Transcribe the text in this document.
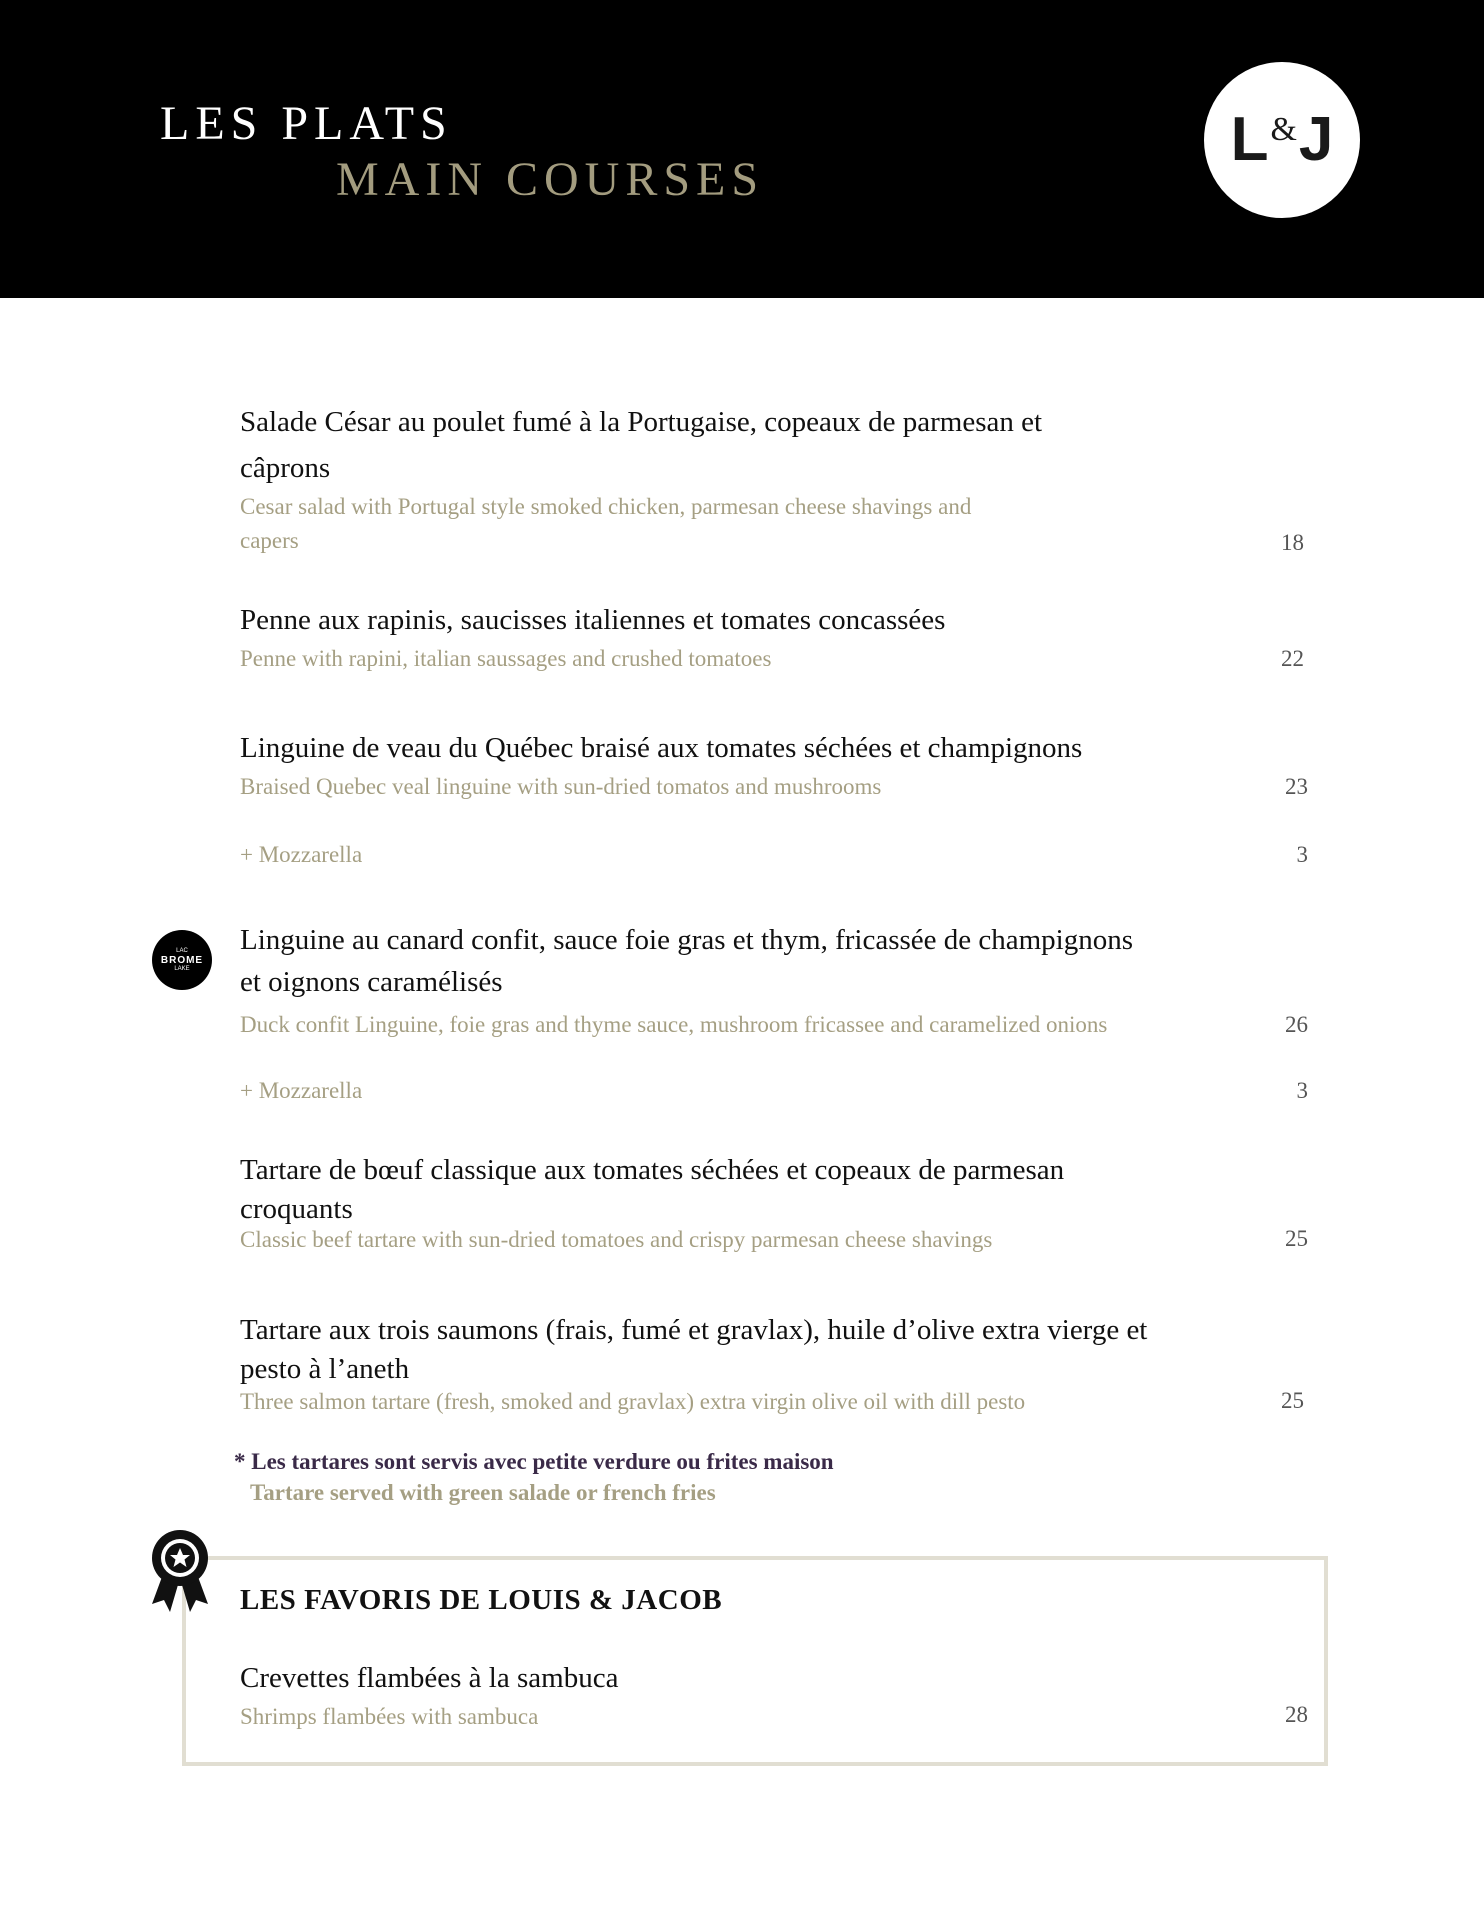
LES PLATS
MAIN COURSES
L & J
Salade César au poulet fumé à la Portugaise, copeaux de parmesan et
câprons
Cesar salad with Portugal style smoked chicken, parmesan cheese shavings and
capers	18
Penne aux rapinis, saucisses italiennes et tomates concassées
Penne with rapini, italian saussages and crushed tomatoes	22
Linguine de veau du Québec braisé aux tomates séchées et champignons
Braised Quebec veal linguine with sun-dried tomatos and mushrooms	23
+ Mozzarella	3
LAC
BROME
LAKE
Linguine au canard confit, sauce foie gras et thym, fricassée de champignons
et oignons caramélisés
Duck confit Linguine, foie gras and thyme sauce, mushroom fricassee and caramelized onions	26
+ Mozzarella	3
Tartare de bœuf classique aux tomates séchées et copeaux de parmesan
croquants
Classic beef tartare with sun-dried tomatoes and crispy parmesan cheese shavings	25
Tartare aux trois saumons (frais, fumé et gravlax), huile d’olive extra vierge et
pesto à l’aneth
Three salmon tartare (fresh, smoked and gravlax) extra virgin olive oil with dill pesto	25
* Les tartares sont servis avec petite verdure ou frites maison
Tartare served with green salade or french fries
LES FAVORIS DE LOUIS & JACOB
Crevettes flambées à la sambuca
Shrimps flambées with sambuca	28
